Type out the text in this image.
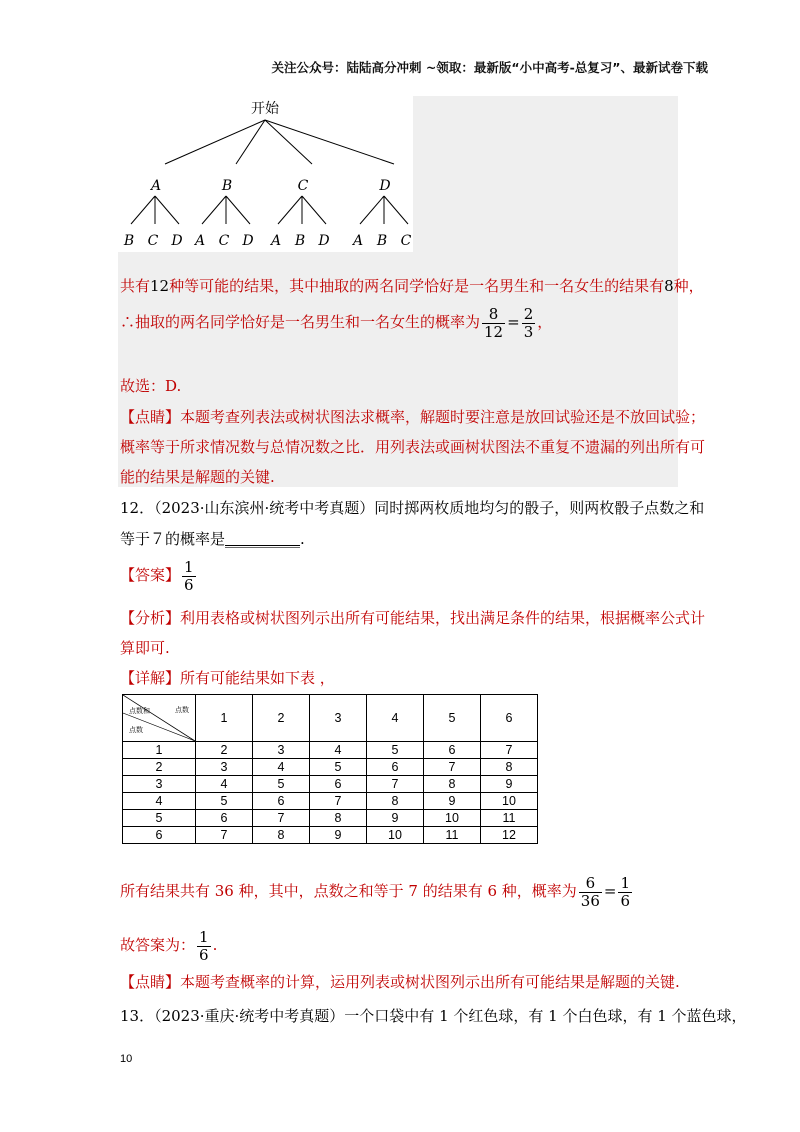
关注公众号：陆陆高分冲刺 ~领取：最新版“小中高考-总复习”、最新试卷下载
开始
A
B C D
B
A C D
C
A B D
D
A B C
共有12种等可能的结果，其中抽取的两名同学恰好是一名男生和一名女生的结果有8种，
∴抽取的两名同学恰好是一名男生和一名女生的概率为 $\frac{8}{12} = \frac{2}{3}$ ，
故选：D.
【点睛】本题考查列表法或树状图法求概率，解题时要注意是放回试验还是不放回试验；
概率等于所求情况数与总情况数之比．用列表法或画树状图法不重复不遗漏的列出所有可
能的结果是解题的关键.
12．（2023·山东滨州·统考中考真题）同时掷两枚质地均匀的骰子，则两枚骰子点数之和
等于７的概率是__________.
【答案】 $\frac{1}{6}$
【分析】利用表格或树状图列示出所有可能结果，找出满足条件的结果，根据概率公式计
算即可.
【详解】所有可能结果如下表 ，
点数
点数和
点数	1	2	3	4	5	6
1	2	3	4	5	6	7
2	3	4	5	6	7	8
3	4	5	6	7	8	9
4	5	6	7	8	9	10
5	6	7	8	9	10	11
6	7	8	9	10	11	12
所有结果共有 36 种，其中，点数之和等于 7 的结果有 6 种，概率为 $\frac{6}{36} = \frac{1}{6}$
故答案为： $\frac{1}{6}$ .
【点睛】本题考查概率的计算，运用列表或树状图列示出所有可能结果是解题的关键.
13．（2023·重庆·统考中考真题）一个口袋中有 1 个红色球，有 1 个白色球，有 1 个蓝色球，
10
